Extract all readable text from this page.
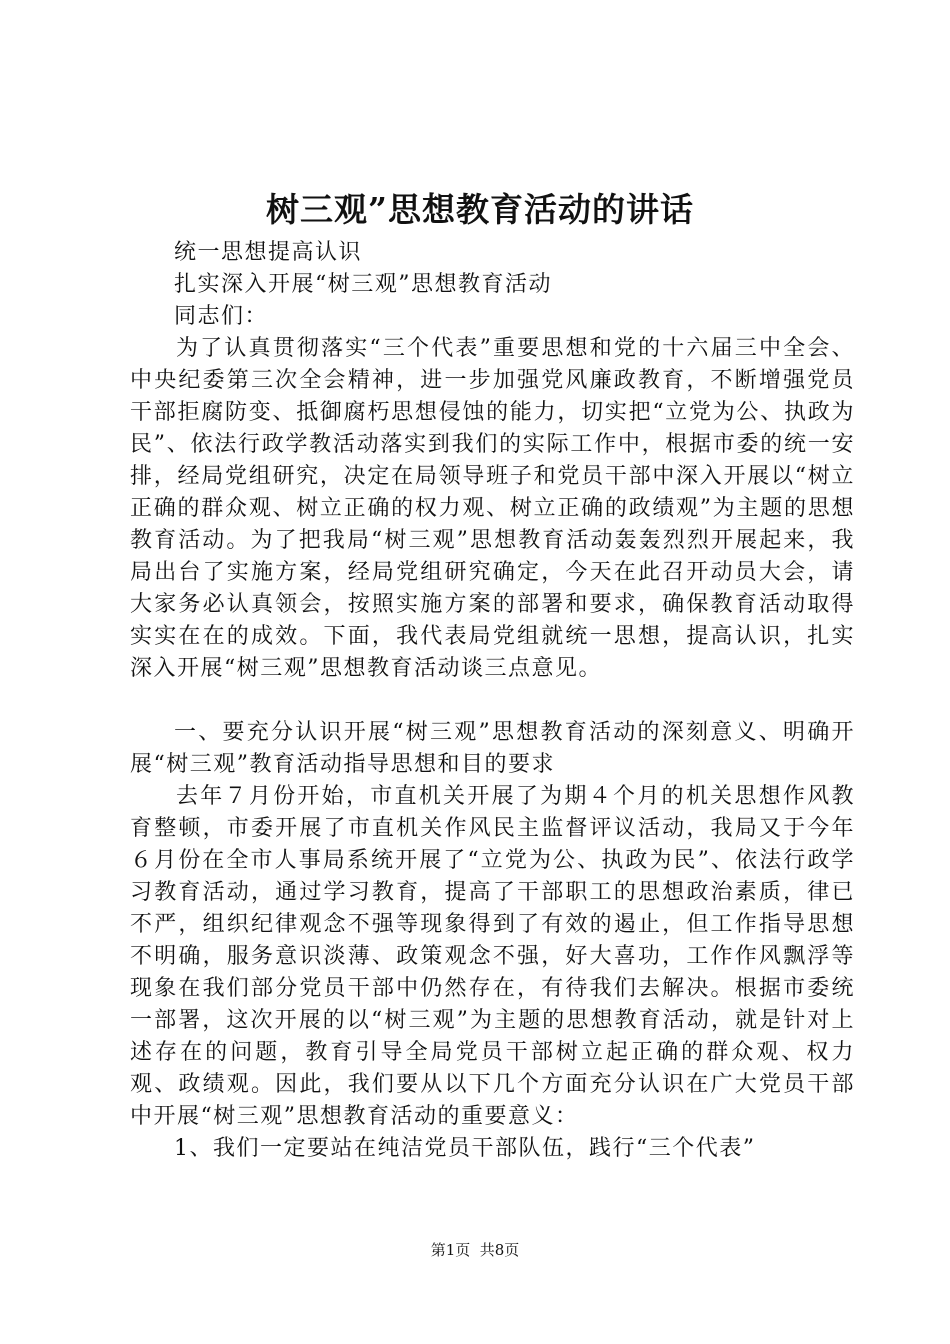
树三观”思想教育活动的讲话

统一思想提高认识

扎实深入开展“树三观”思想教育活动

同志们：

为了认真贯彻落实“三个代表”重要思想和党的十六届三中全会、中央纪委第三次全会精神，进一步加强党风廉政教育，不断增强党员干部拒腐防变、抵御腐朽思想侵蚀的能力，切实把“立党为公、执政为民”、依法行政学教活动落实到我们的实际工作中，根据市委的统一安排，经局党组研究，决定在局领导班子和党员干部中深入开展以“树立正确的群众观、树立正确的权力观、树立正确的政绩观”为主题的思想教育活动。为了把我局“树三观”思想教育活动轰轰烈烈开展起来，我局出台了实施方案，经局党组研究确定，今天在此召开动员大会，请大家务必认真领会，按照实施方案的部署和要求，确保教育活动取得实实在在的成效。下面，我代表局党组就统一思想，提高认识，扎实深入开展“树三观”思想教育活动谈三点意见。

一、要充分认识开展“树三观”思想教育活动的深刻意义、明确开展“树三观”教育活动指导思想和目的要求

去年７月份开始，市直机关开展了为期４个月的机关思想作风教育整顿，市委开展了市直机关作风民主监督评议活动，我局又于今年６月份在全市人事局系统开展了“立党为公、执政为民”、依法行政学习教育活动，通过学习教育，提高了干部职工的思想政治素质，律已不严，组织纪律观念不强等现象得到了有效的遏止，但工作指导思想不明确，服务意识淡薄、政策观念不强，好大喜功，工作作风飘浮等现象在我们部分党员干部中仍然存在，有待我们去解决。根据市委统一部署，这次开展的以“树三观”为主题的思想教育活动，就是针对上述存在的问题，教育引导全局党员干部树立起正确的群众观、权力观、政绩观。因此，我们要从以下几个方面充分认识在广大党员干部中开展“树三观”思想教育活动的重要意义：

1、我们一定要站在纯洁党员干部队伍，践行“三个代表”

第1页  共8页
